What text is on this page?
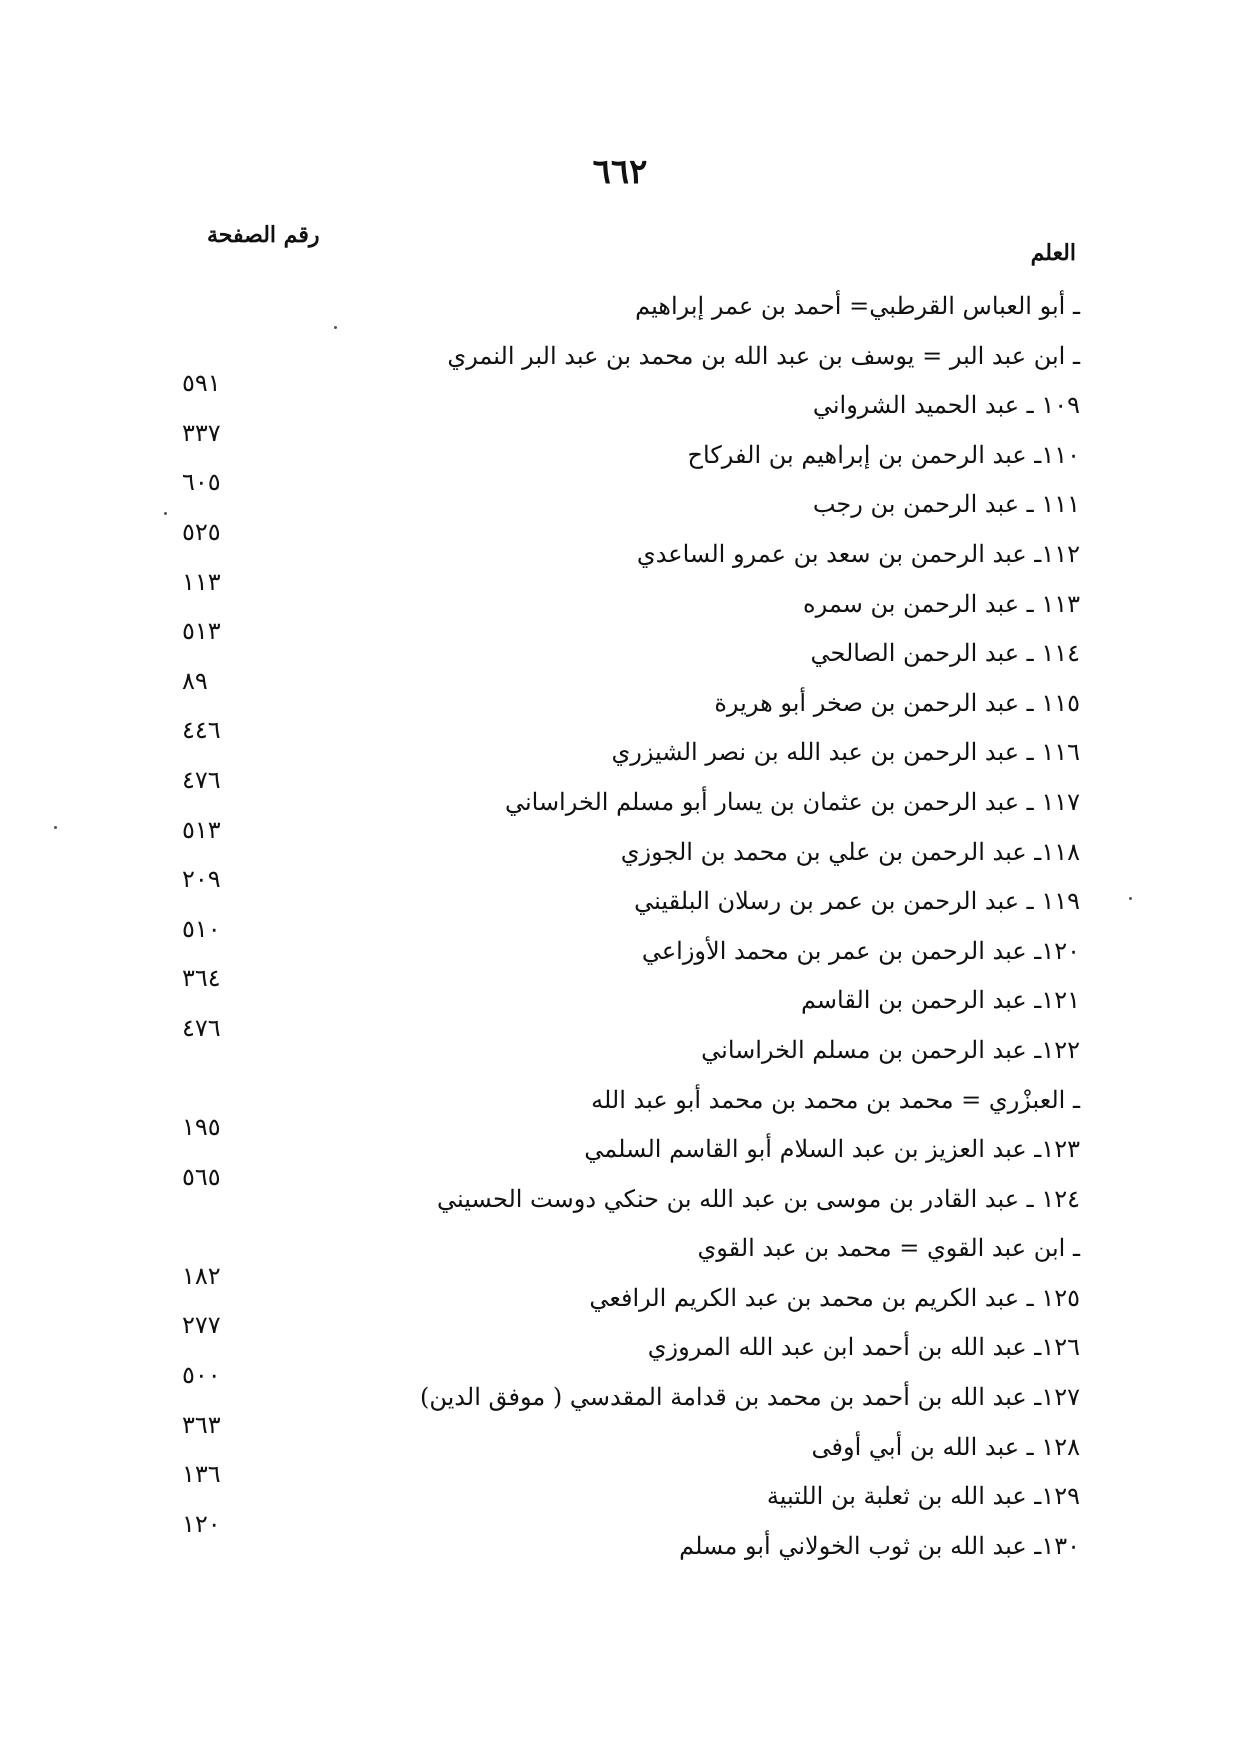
٦٦٢
العلم
رقم الصفحة
ـ أبو العباس القرطبي= أحمد بن عمر إبراهيم
ـ ابن عبد البر = يوسف بن عبد الله بن محمد بن عبد البر النمري
١٠٩ ـ عبد الحميد الشرواني
٥٩١
١١٠ـ عبد الرحمن بن إبراهيم بن الفركاح
٣٣٧
١١١ ـ عبد الرحمن بن رجب
٦٠٥
١١٢ـ عبد الرحمن بن سعد بن عمرو الساعدي
٥٢٥
١١٣ ـ عبد الرحمن بن سمره
١١٣
١١٤ ـ عبد الرحمن الصالحي
٥١٣
١١٥ ـ عبد الرحمن بن صخر أبو هريرة
٨٩
١١٦ ـ عبد الرحمن بن عبد الله بن نصر الشيزري
٤٤٦
١١٧ ـ عبد الرحمن بن عثمان بن يسار أبو مسلم الخراساني
٤٧٦
١١٨ـ عبد الرحمن بن علي بن محمد بن الجوزي
٥١٣
١١٩ ـ عبد الرحمن بن عمر بن رسلان البلقيني
٢٠٩
١٢٠ـ عبد الرحمن بن عمر بن محمد الأوزاعي
٥١٠
١٢١ـ عبد الرحمن بن القاسم
٣٦٤
١٢٢ـ عبد الرحمن بن مسلم الخراساني
٤٧٦
ـ العبزْري = محمد بن محمد بن محمد أبو عبد الله
١٢٣ـ عبد العزيز بن عبد السلام أبو القاسم السلمي
١٩٥
١٢٤ ـ عبد القادر بن موسى بن عبد الله بن حنكي دوست الحسيني
٥٦٥
ـ ابن عبد القوي = محمد بن عبد القوي
١٢٥ ـ عبد الكريم بن محمد بن عبد الكريم الرافعي
١٨٢
١٢٦ـ عبد الله بن أحمد ابن عبد الله المروزي
٢٧٧
١٢٧ـ عبد الله بن أحمد بن محمد بن قدامة المقدسي ( موفق الدين)
٥٠٠
١٢٨ ـ عبد الله بن أبي أوفى
٣٦٣
١٢٩ـ عبد الله بن ثعلبة بن اللتبية
١٣٦
١٣٠ـ عبد الله بن ثوب الخولاني أبو مسلم
١٢٠
